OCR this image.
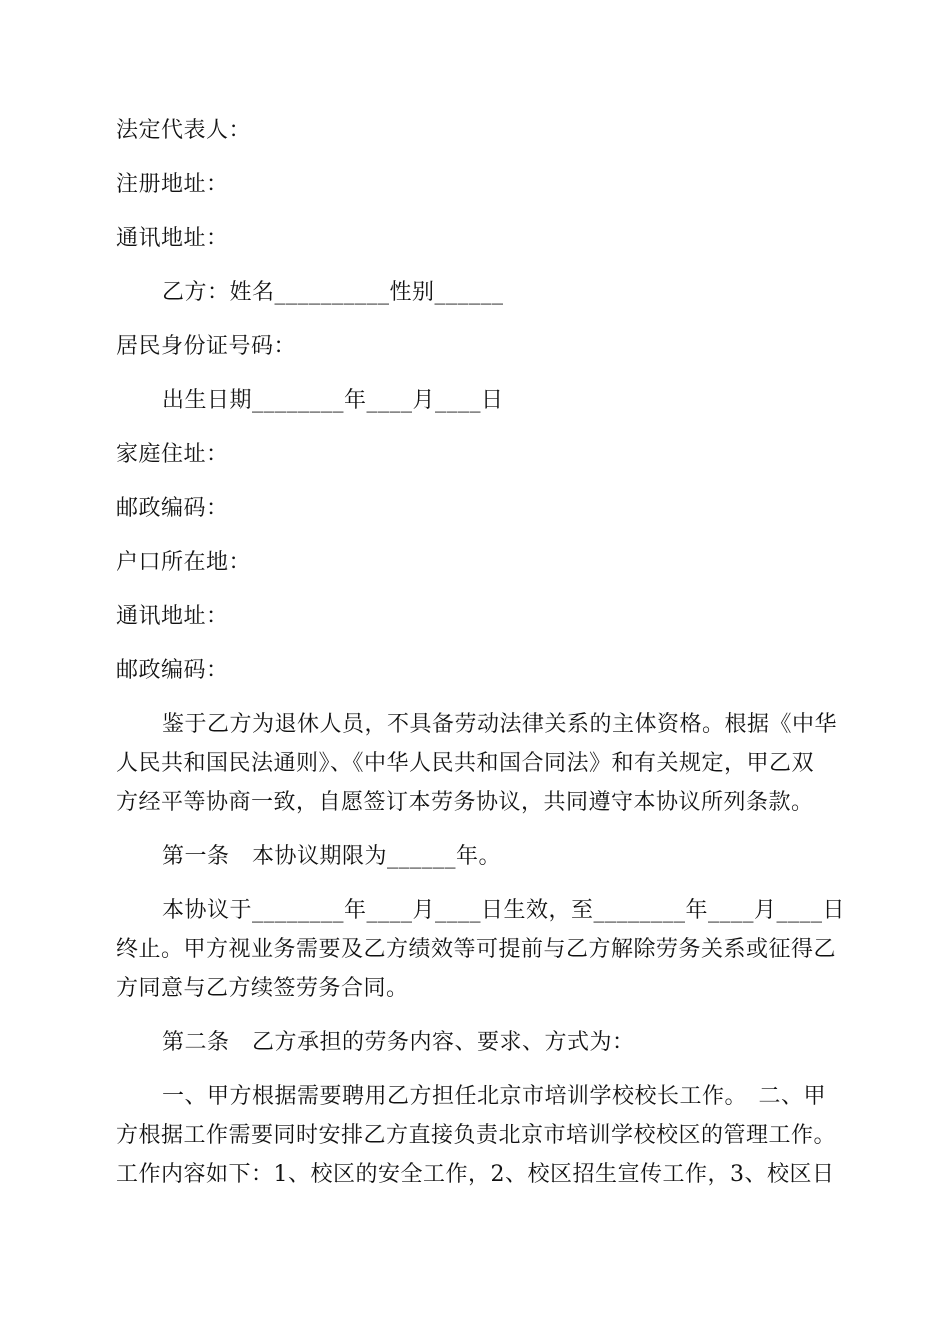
法定代表人：
注册地址：
通讯地址：
乙方：姓名__________性别______
居民身份证号码：
出生日期________年____月____日
家庭住址：
邮政编码：
户口所在地：
通讯地址：
邮政编码：
鉴于乙方为退休人员，不具备劳动法律关系的主体资格。根据《中华
人民共和国民法通则》、《中华人民共和国合同法》和有关规定，甲乙双
方经平等协商一致，自愿签订本劳务协议，共同遵守本协议所列条款。
第一条　本协议期限为______年。
本协议于________年____月____日生效，至________年____月____日
终止。甲方视业务需要及乙方绩效等可提前与乙方解除劳务关系或征得乙
方同意与乙方续签劳务合同。
第二条　乙方承担的劳务内容、要求、方式为：
一、甲方根据需要聘用乙方担任北京市培训学校校长工作。　二、甲
方根据工作需要同时安排乙方直接负责北京市培训学校校区的管理工作。
工作内容如下：1、校区的安全工作，2、校区招生宣传工作，3、校区日
